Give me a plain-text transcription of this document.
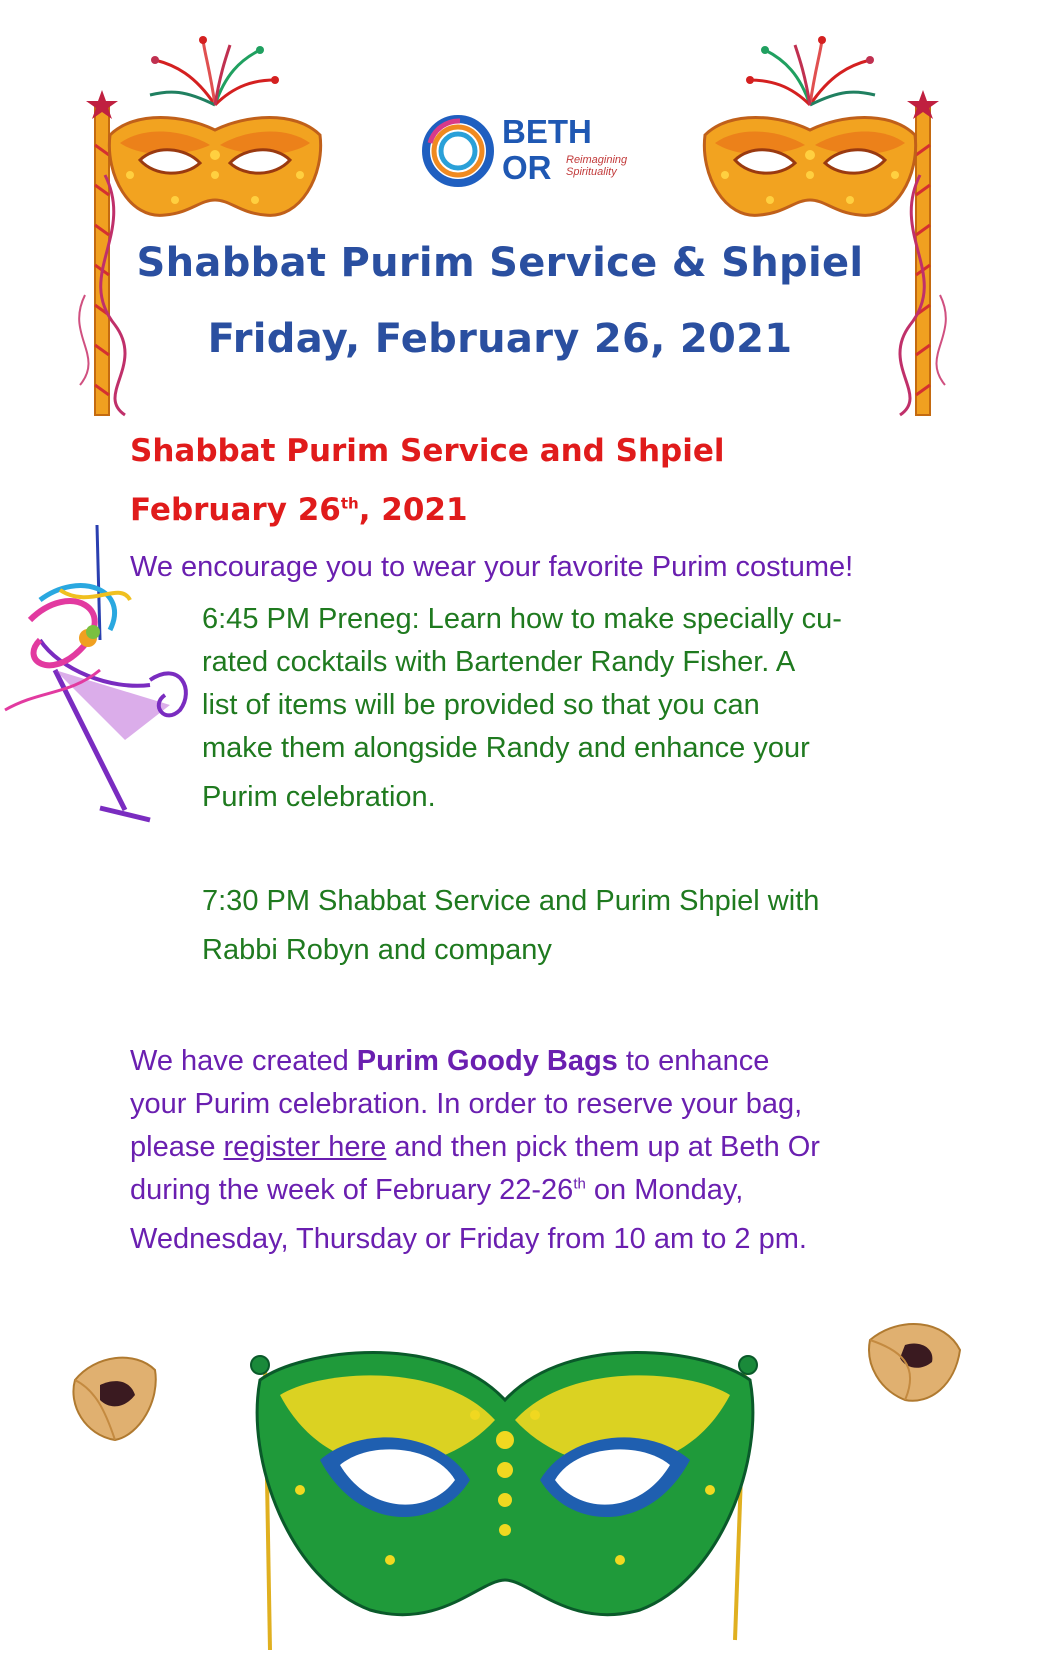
BETH
OR Reimagining
Spirituality
Shabbat Purim Service & Shpiel
Friday, February 26, 2021
Shabbat Purim Service and Shpiel
February 26th, 2021
We encourage you to wear your favorite Purim costume!
6:45 PM Preneg: Learn how to make specially cu-
rated cocktails with Bartender Randy Fisher. A
list of items will be provided so that you can
make them alongside Randy and enhance your
Purim celebration.
7:30 PM Shabbat Service and Purim Shpiel with
Rabbi Robyn and company
We have created Purim Goody Bags to enhance
your Purim celebration. In order to reserve your bag,
please register here and then pick them up at Beth Or
during the week of February 22-26th on Monday,
Wednesday, Thursday or Friday from 10 am to 2 pm.
